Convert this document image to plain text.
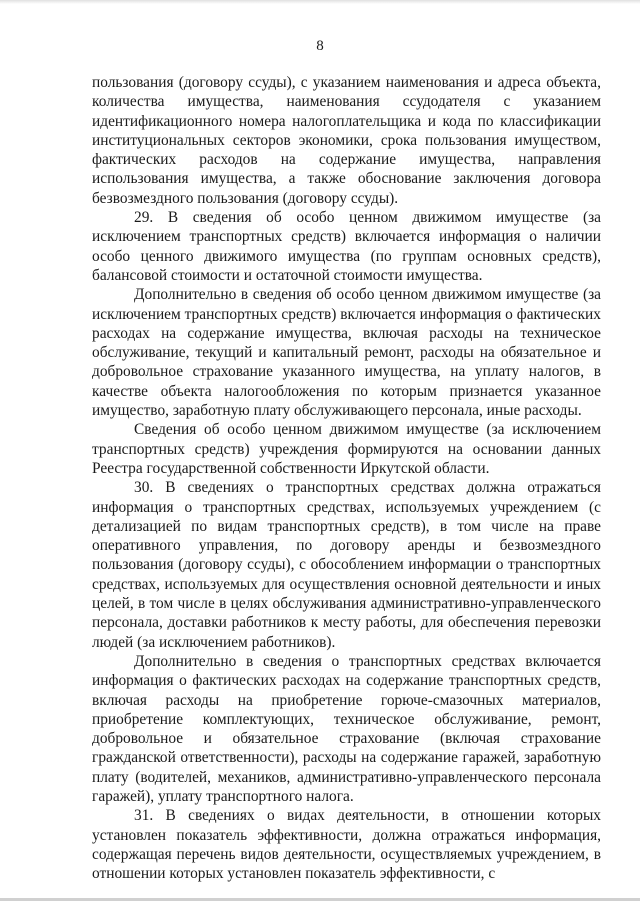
8

пользования (договору ссуды), с указанием наименования и адреса объекта, количества имущества, наименования ссудодателя с указанием идентификационного номера налогоплательщика и кода по классификации институциональных секторов экономики, срока пользования имуществом, фактических расходов на содержание имущества, направления использования имущества, а также обоснование заключения договора безвозмездного пользования (договору ссуды).

29. В сведения об особо ценном движимом имуществе (за исключением транспортных средств) включается информация о наличии особо ценного движимого имущества (по группам основных средств), балансовой стоимости и остаточной стоимости имущества.

Дополнительно в сведения об особо ценном движимом имуществе (за исключением транспортных средств) включается информация о фактических расходах на содержание имущества, включая расходы на техническое обслуживание, текущий и капитальный ремонт, расходы на обязательное и добровольное страхование указанного имущества, на уплату налогов, в качестве объекта налогообложения по которым признается указанное имущество, заработную плату обслуживающего персонала, иные расходы.

Сведения об особо ценном движимом имуществе (за исключением транспортных средств) учреждения формируются на основании данных Реестра государственной собственности Иркутской области.

30. В сведениях о транспортных средствах должна отражаться информация о транспортных средствах, используемых учреждением (с детализацией по видам транспортных средств), в том числе на праве оперативного управления, по договору аренды и безвозмездного пользования (договору ссуды), с обособлением информации о транспортных средствах, используемых для осуществления основной деятельности и иных целей, в том числе в целях обслуживания административно-управленческого персонала, доставки работников к месту работы, для обеспечения перевозки людей (за исключением работников).

Дополнительно в сведения о транспортных средствах включается информация о фактических расходах на содержание транспортных средств, включая расходы на приобретение горюче-смазочных материалов, приобретение комплектующих, техническое обслуживание, ремонт, добровольное и обязательное страхование (включая страхование гражданской ответственности), расходы на содержание гаражей, заработную плату (водителей, механиков, административно-управленческого персонала гаражей), уплату транспортного налога.

31. В сведениях о видах деятельности, в отношении которых установлен показатель эффективности, должна отражаться информация, содержащая перечень видов деятельности, осуществляемых учреждением, в отношении которых установлен показатель эффективности, с
